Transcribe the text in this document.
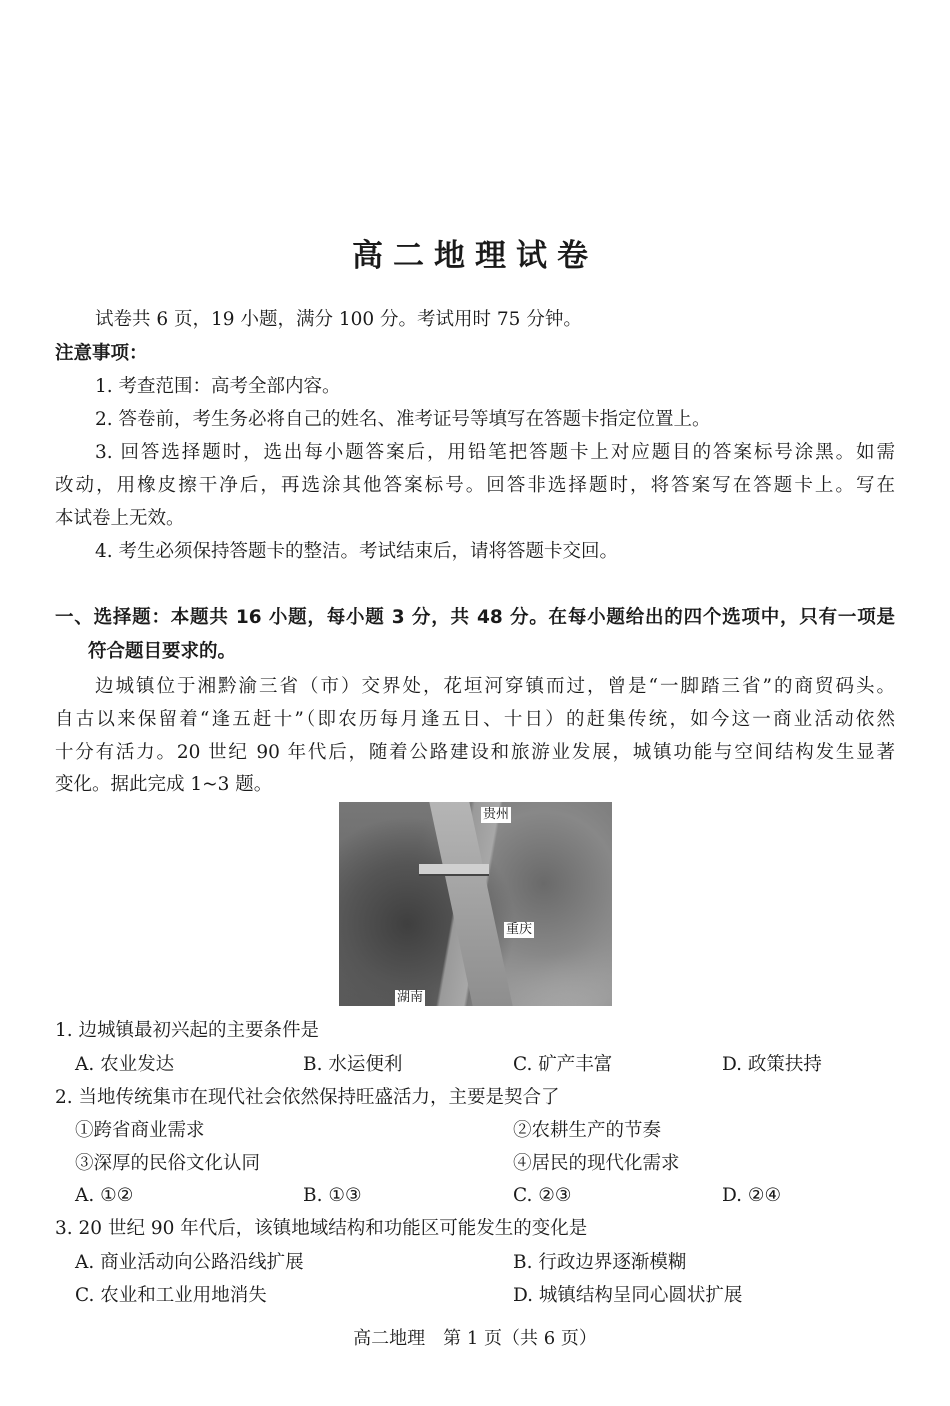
高二地理试卷
试卷共 6 页，19 小题，满分 100 分。考试用时 75 分钟。
注意事项：
1. 考查范围：高考全部内容。
2. 答卷前，考生务必将自己的姓名、准考证号等填写在答题卡指定位置上。
3. 回答选择题时，选出每小题答案后，用铅笔把答题卡上对应题目的答案标号涂黑。如需
改动，用橡皮擦干净后，再选涂其他答案标号。回答非选择题时，将答案写在答题卡上。写在
本试卷上无效。
4. 考生必须保持答题卡的整洁。考试结束后，请将答题卡交回。
一、选择题：本题共 16 小题，每小题 3 分，共 48 分。在每小题给出的四个选项中，只有一项是
符合题目要求的。
边城镇位于湘黔渝三省（市）交界处，花垣河穿镇而过，曾是“一脚踏三省”的商贸码头。
自古以来保留着“逢五赶十”（即农历每月逢五日、十日）的赶集传统，如今这一商业活动依然
十分有活力。20 世纪 90 年代后，随着公路建设和旅游业发展，城镇功能与空间结构发生显著
变化。据此完成 1~3 题。
贵州
重庆
湖南
1. 边城镇最初兴起的主要条件是
A. 农业发达	B. 水运便利	C. 矿产丰富	D. 政策扶持
2. 当地传统集市在现代社会依然保持旺盛活力，主要是契合了
①跨省商业需求	②农耕生产的节奏
③深厚的民俗文化认同	④居民的现代化需求
A. ①②	B. ①③	C. ②③	D. ②④
3. 20 世纪 90 年代后，该镇地域结构和功能区可能发生的变化是
A. 商业活动向公路沿线扩展	B. 行政边界逐渐模糊
C. 农业和工业用地消失	D. 城镇结构呈同心圆状扩展
高二地理　第 1 页（共 6 页）
